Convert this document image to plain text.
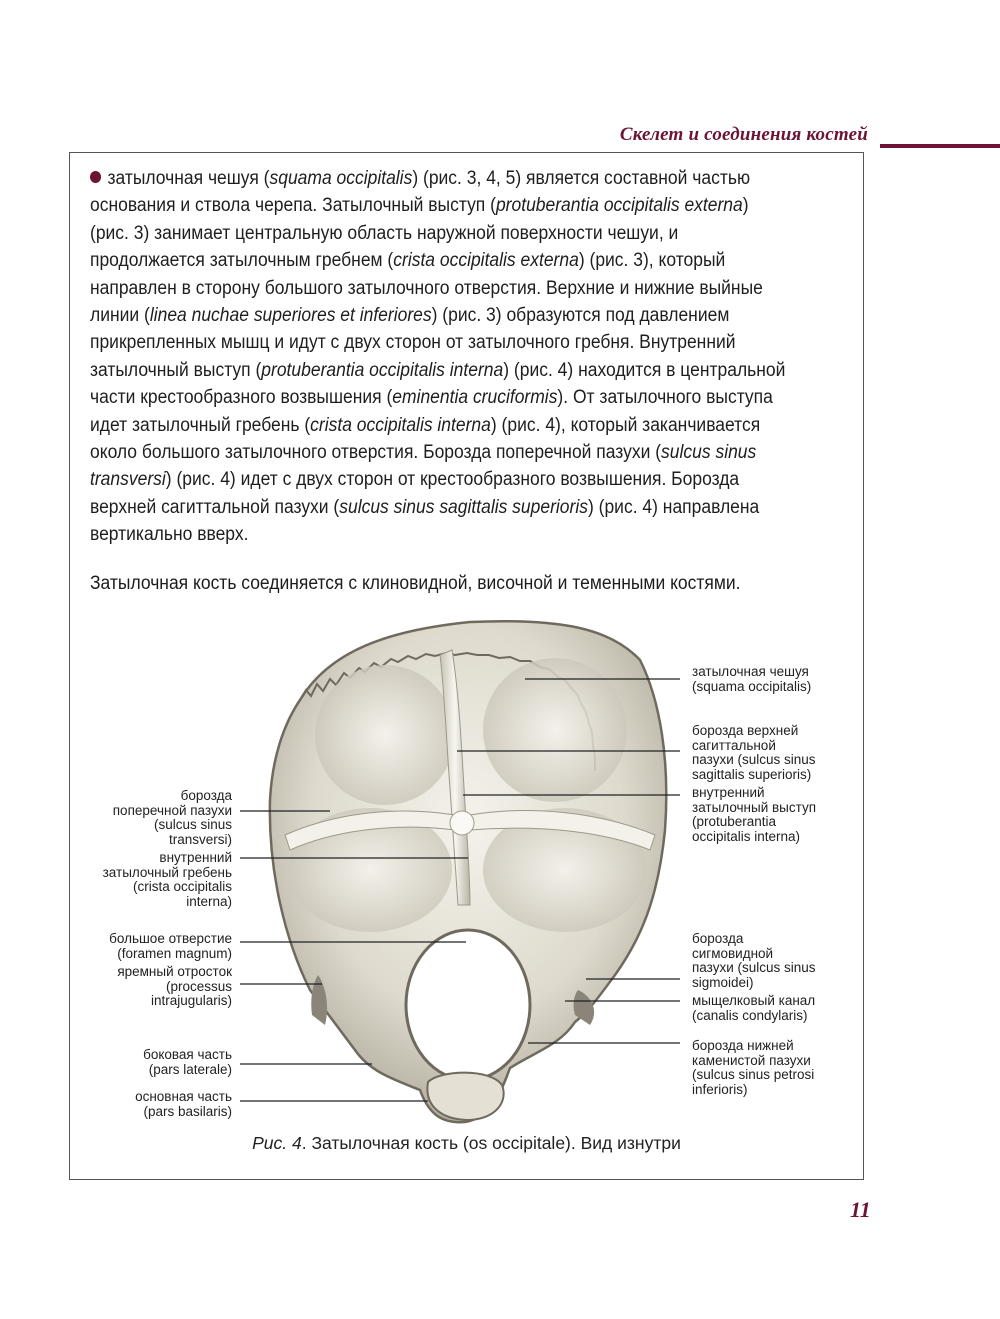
Скелет и соединения костей

затылочная чешуя (squama occipitalis) (рис. 3, 4, 5) является составной частью основания и ствола черепа. Затылочный выступ (protuberantia occipitalis externa) (рис. 3) занимает центральную область наружной поверхности чешуи, и продолжается затылочным гребнем (crista occipitalis externa) (рис. 3), который направлен в сторону большого затылочного отверстия. Верхние и нижние выйные линии (linea nuchae superiores et inferiores) (рис. 3) образуются под давлением прикрепленных мышц и идут с двух сторон от затылочного гребня. Внутренний затылочный выступ (protuberantia occipitalis interna) (рис. 4) находится в центральной части крестообразного возвышения (eminentia cruciformis). От затылочного выступа идет затылочный гребень (crista occipitalis interna) (рис. 4), который заканчивается около большого затылочного отверстия. Борозда поперечной пазухи (sulcus sinus transversi) (рис. 4) идет с двух сторон от крестообразного возвышения. Борозда верхней сагиттальной пазухи (sulcus sinus sagittalis superioris) (рис. 4) направлена вертикально вверх.

Затылочная кость соединяется с клиновидной, височной и теменными костями.

борозда
поперечной пазухи
(sulcus sinus
transversi)
внутренний
затылочный гребень
(crista occipitalis
interna)
большое отверстие
(foramen magnum)
яремный отросток
(processus
intrajugularis)
боковая часть
(pars laterale)
основная часть
(pars basilaris)
затылочная чешуя
(squama occipitalis)
борозда верхней
сагиттальной
пазухи (sulcus sinus
sagittalis superioris)
внутренний
затылочный выступ
(protuberantia
occipitalis interna)
борозда
сигмовидной
пазухи (sulcus sinus
sigmoidei)
мыщелковый канал
(canalis condylaris)
борозда нижней
каменистой пазухи
(sulcus sinus petrosi
inferioris)
Рис. 4. Затылочная кость (os occipitale). Вид изнутри
11
